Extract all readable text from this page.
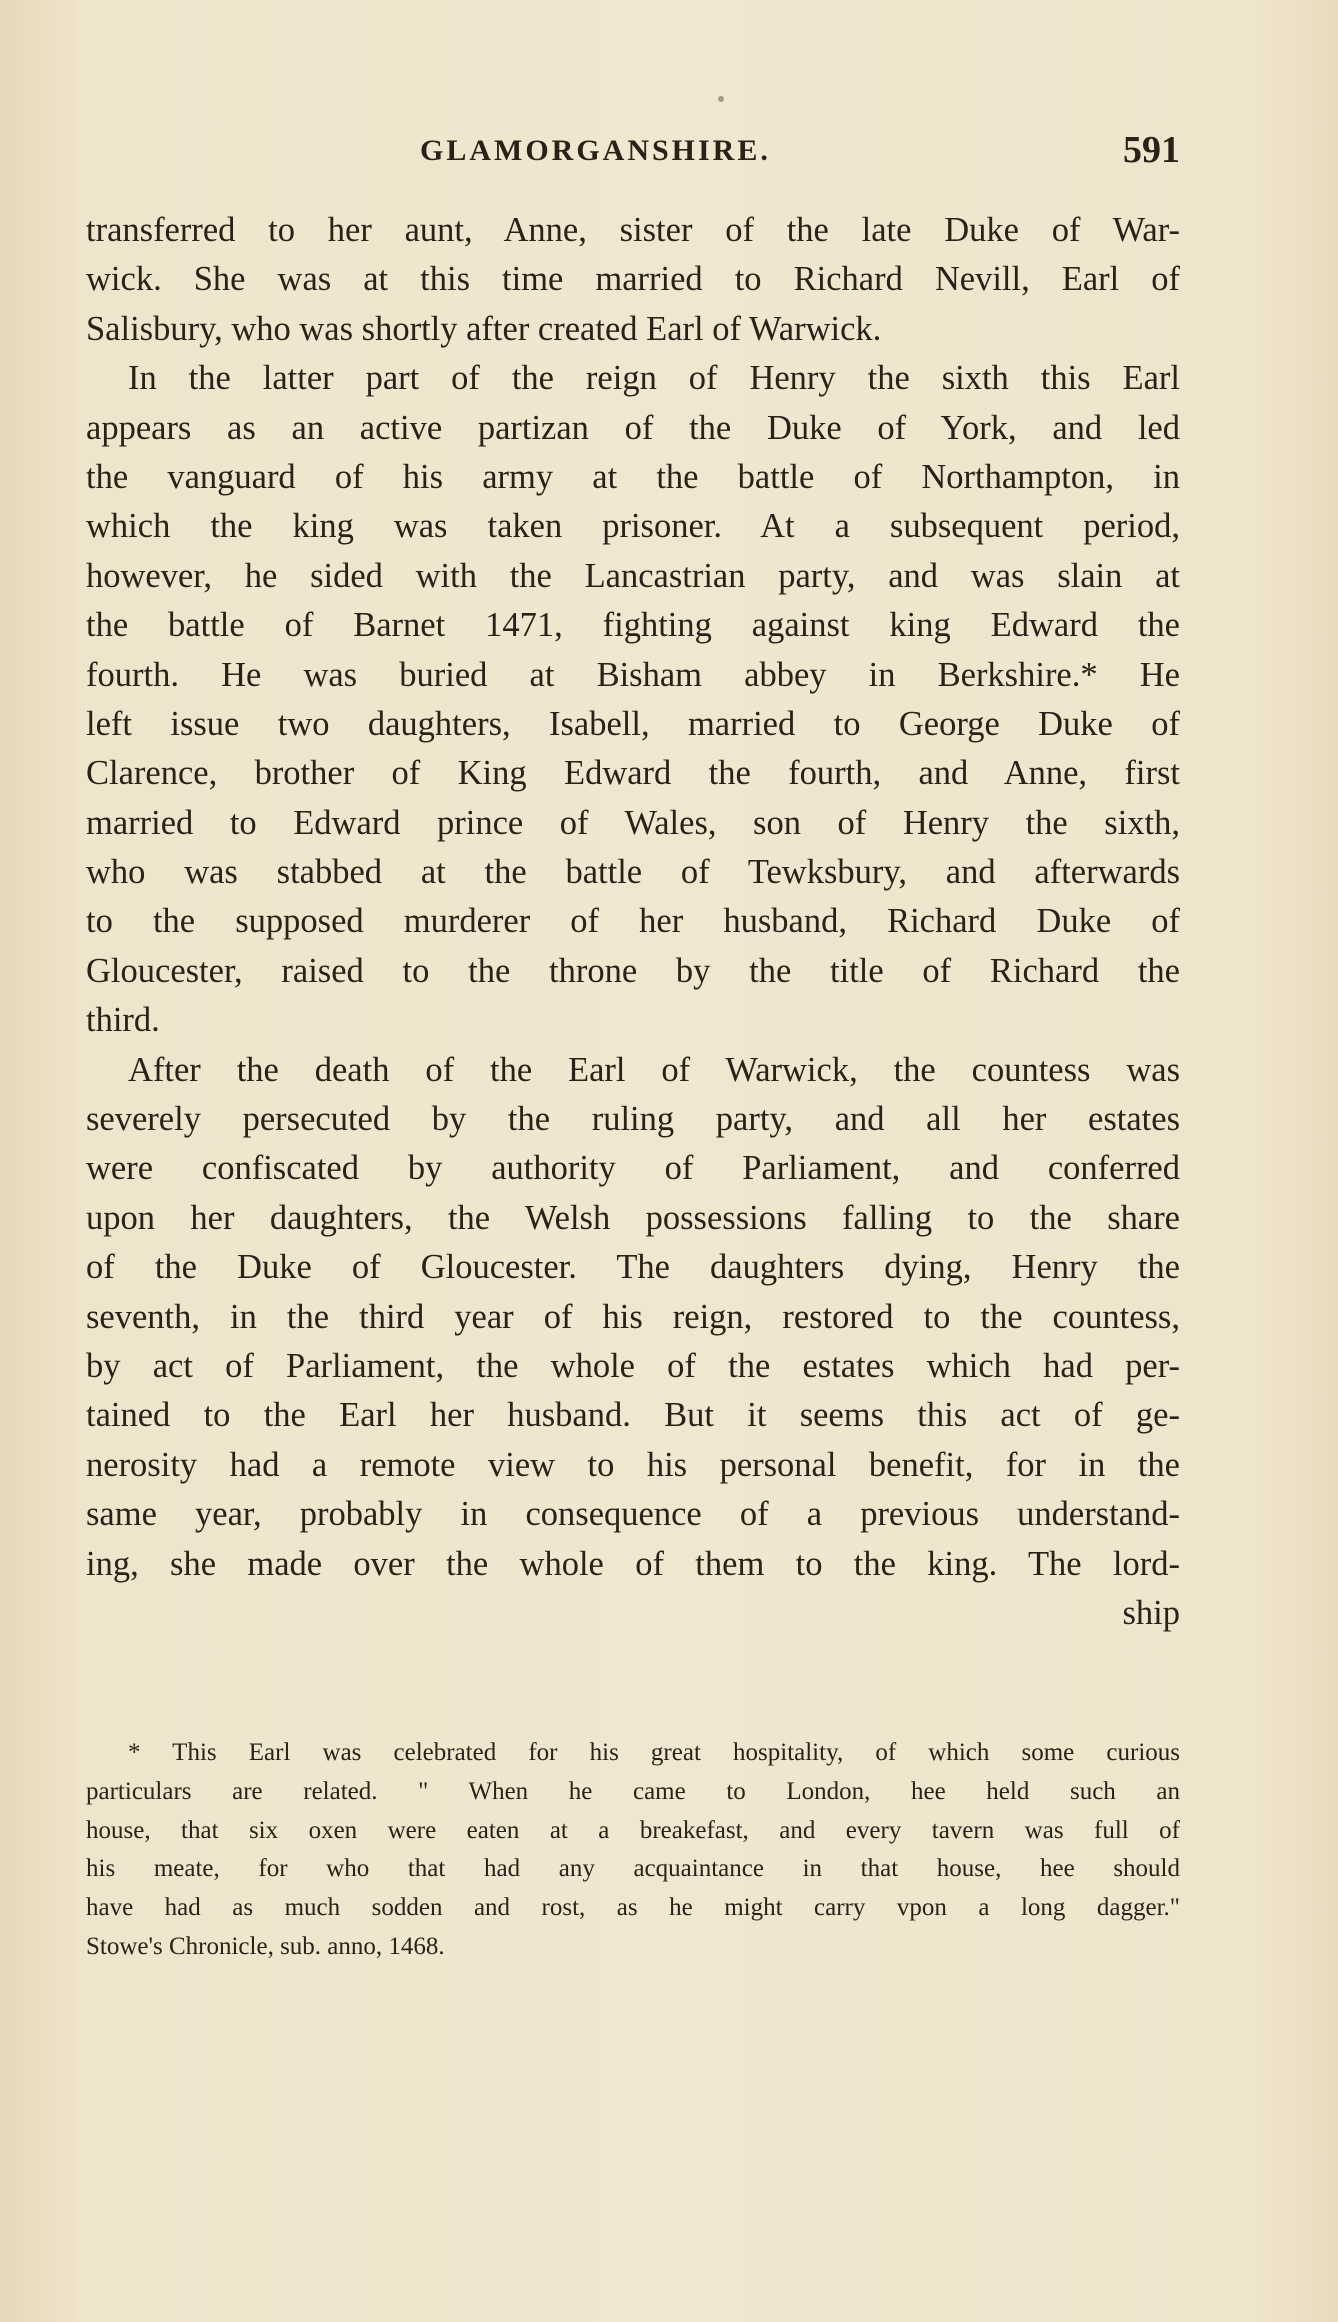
GLAMORGANSHIRE.	591
transferred to her aunt, Anne, sister of the late Duke of War-
wick. She was at this time married to Richard Nevill, Earl of
Salisbury, who was shortly after created Earl of Warwick.
In the latter part of the reign of Henry the sixth this Earl
appears as an active partizan of the Duke of York, and led
the vanguard of his army at the battle of Northampton, in
which the king was taken prisoner. At a subsequent period,
however, he sided with the Lancastrian party, and was slain at
the battle of Barnet 1471, fighting against king Edward the
fourth. He was buried at Bisham abbey in Berkshire.* He
left issue two daughters, Isabell, married to George Duke of
Clarence, brother of King Edward the fourth, and Anne, first
married to Edward prince of Wales, son of Henry the sixth,
who was stabbed at the battle of Tewksbury, and afterwards
to the supposed murderer of her husband, Richard Duke of
Gloucester, raised to the throne by the title of Richard the
third.
After the death of the Earl of Warwick, the countess was
severely persecuted by the ruling party, and all her estates
were confiscated by authority of Parliament, and conferred
upon her daughters, the Welsh possessions falling to the share
of the Duke of Gloucester. The daughters dying, Henry the
seventh, in the third year of his reign, restored to the countess,
by act of Parliament, the whole of the estates which had per-
tained to the Earl her husband. But it seems this act of ge-
nerosity had a remote view to his personal benefit, for in the
same year, probably in consequence of a previous understand-
ing, she made over the whole of them to the king. The lord-
ship
* This Earl was celebrated for his great hospitality, of which some curious
particulars are related. " When he came to London, hee held such an
house, that six oxen were eaten at a breakefast, and every tavern was full of
his meate, for who that had any acquaintance in that house, hee should
have had as much sodden and rost, as he might carry vpon a long dagger."
Stowe's Chronicle, sub. anno, 1468.
